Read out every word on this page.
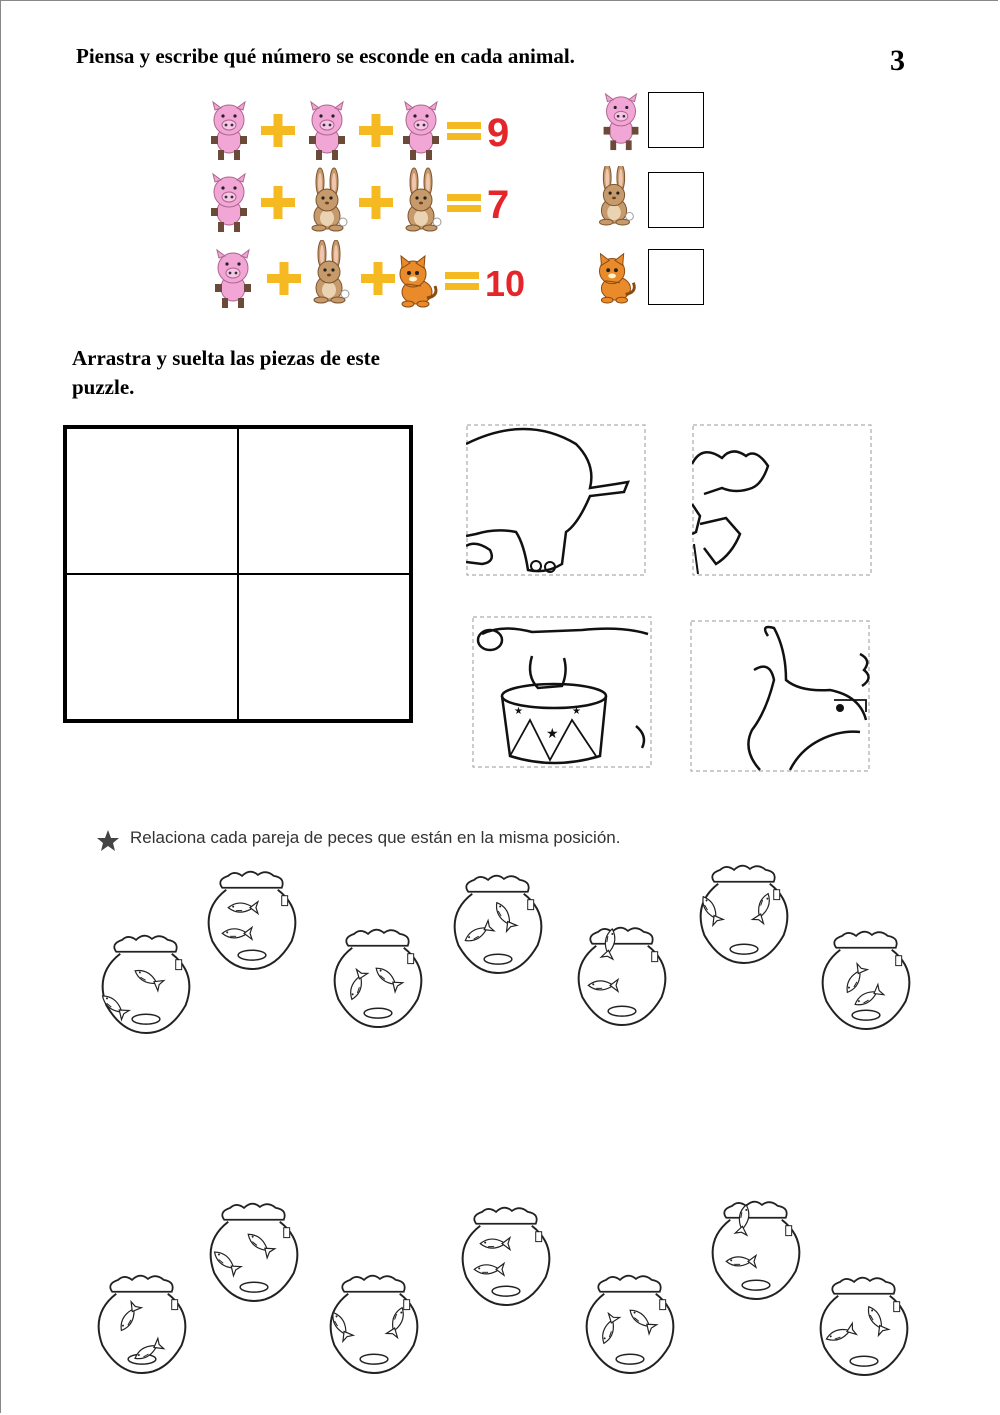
Piensa y escribe qué número se esconde en cada animal.	3
9
7
10
Arrastra y suelta las piezas de este
puzzle.
★
★	★
Relaciona cada pareja de peces que están en la misma posición.
